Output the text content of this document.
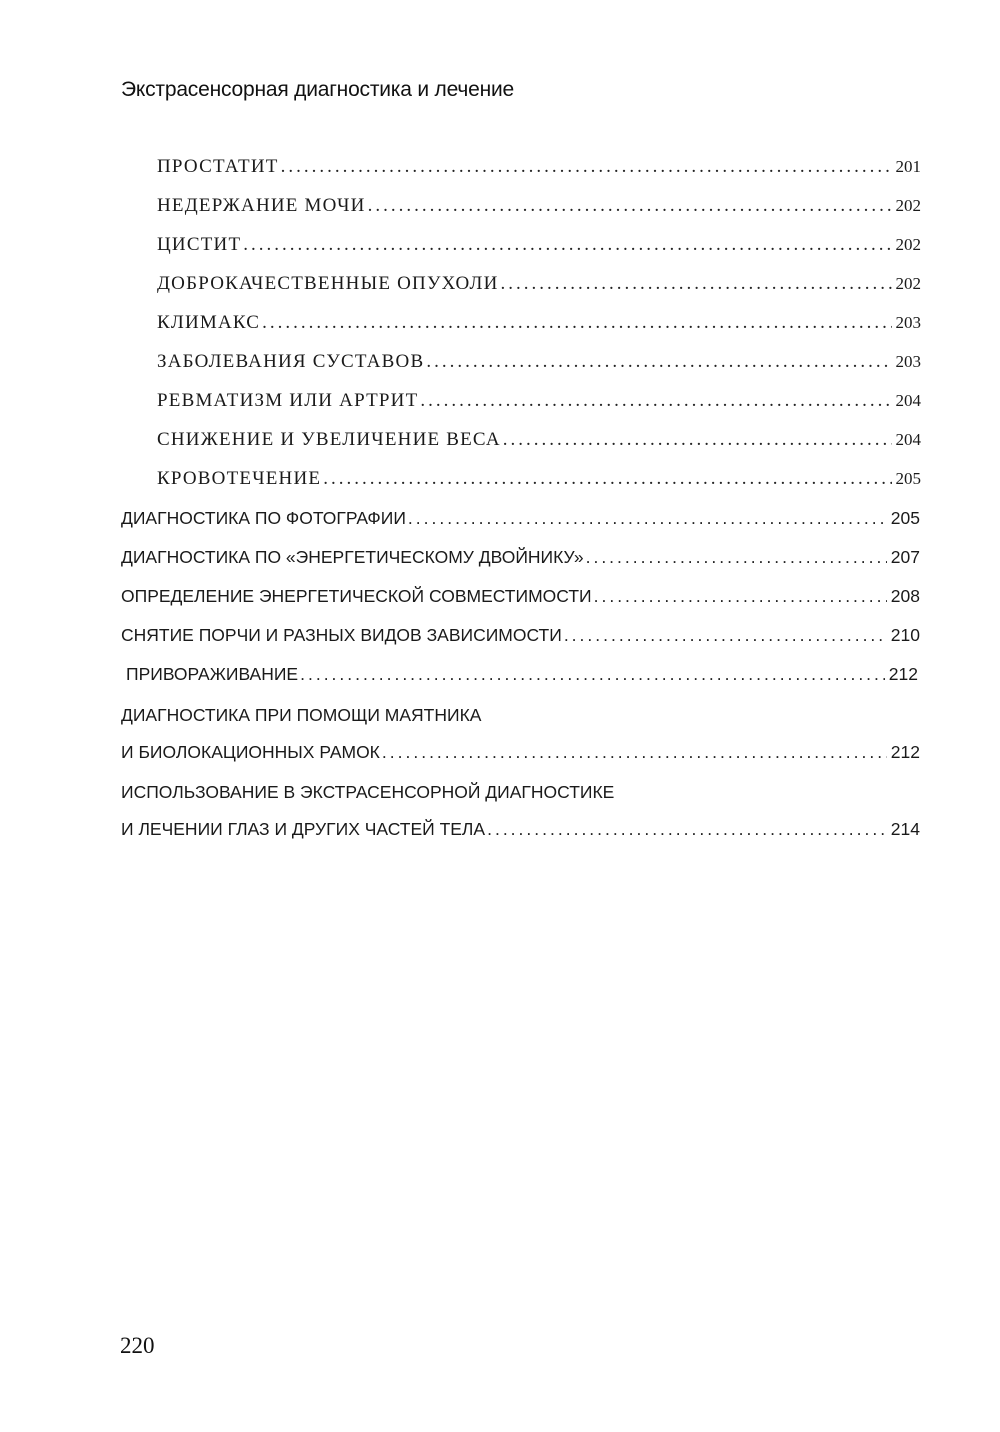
Экстрасенсорная диагностика и лечение
ПРОСТАТИТ .....	201
НЕДЕРЖАНИЕ МОЧИ .....	202
ЦИСТИТ .....	202
ДОБРОКАЧЕСТВЕННЫЕ ОПУХОЛИ .....	202
КЛИМАКС .....	203
ЗАБОЛЕВАНИЯ СУСТАВОВ .....	203
РЕВМАТИЗМ ИЛИ АРТРИТ .....	204
СНИЖЕНИЕ И УВЕЛИЧЕНИЕ ВЕСА .....	204
КРОВОТЕЧЕНИЕ .....	205
ДИАГНОСТИКА ПО ФОТОГРАФИИ .....	205
ДИАГНОСТИКА ПО «ЭНЕРГЕТИЧЕСКОМУ ДВОЙНИКУ» .....	207
ОПРЕДЕЛЕНИЕ ЭНЕРГЕТИЧЕСКОЙ СОВМЕСТИМОСТИ .....	208
СНЯТИЕ ПОРЧИ И РАЗНЫХ ВИДОВ ЗАВИСИМОСТИ .....	210
ПРИВОРАЖИВАНИЕ .....	212
ДИАГНОСТИКА ПРИ ПОМОЩИ МАЯТНИКА
И БИОЛОКАЦИОННЫХ РАМОК .....	212
ИСПОЛЬЗОВАНИЕ В ЭКСТРАСЕНСОРНОЙ ДИАГНОСТИКЕ
И ЛЕЧЕНИИ ГЛАЗ И ДРУГИХ ЧАСТЕЙ ТЕЛА .....	214
220
